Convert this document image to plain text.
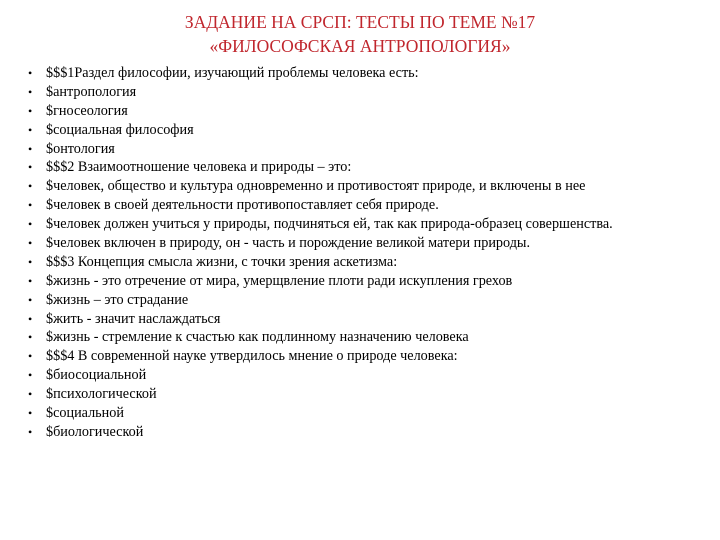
ЗАДАНИЕ НА СРСП: ТЕСТЫ ПО ТЕМЕ №17
«ФИЛОСОФСКАЯ АНТРОПОЛОГИЯ»
• $$$1Раздел философии, изучающий проблемы человека есть:
• $антропология
• $гносеология
• $социальная философия
• $онтология
• $$$2 Взаимоотношение человека и природы – это:
• $человек, общество и культура одновременно и противостоят природе, и включены в нее
• $человек в своей деятельности противопоставляет себя природе.
• $человек должен учиться у природы, подчиняться ей, так как природа-образец совершенства.
• $человек включен в природу, он - часть и порождение великой матери природы.
• $$$3 Концепция смысла жизни, с точки зрения аскетизма:
• $жизнь - это отречение от мира, умерщвление плоти ради искупления грехов
• $жизнь – это страдание
• $жить - значит наслаждаться
• $жизнь - стремление к счастью как подлинному назначению человека
• $$$4 В современной науке утвердилось мнение о природе человека:
• $биосоциальной
• $психологической
• $социальной
• $биологической
